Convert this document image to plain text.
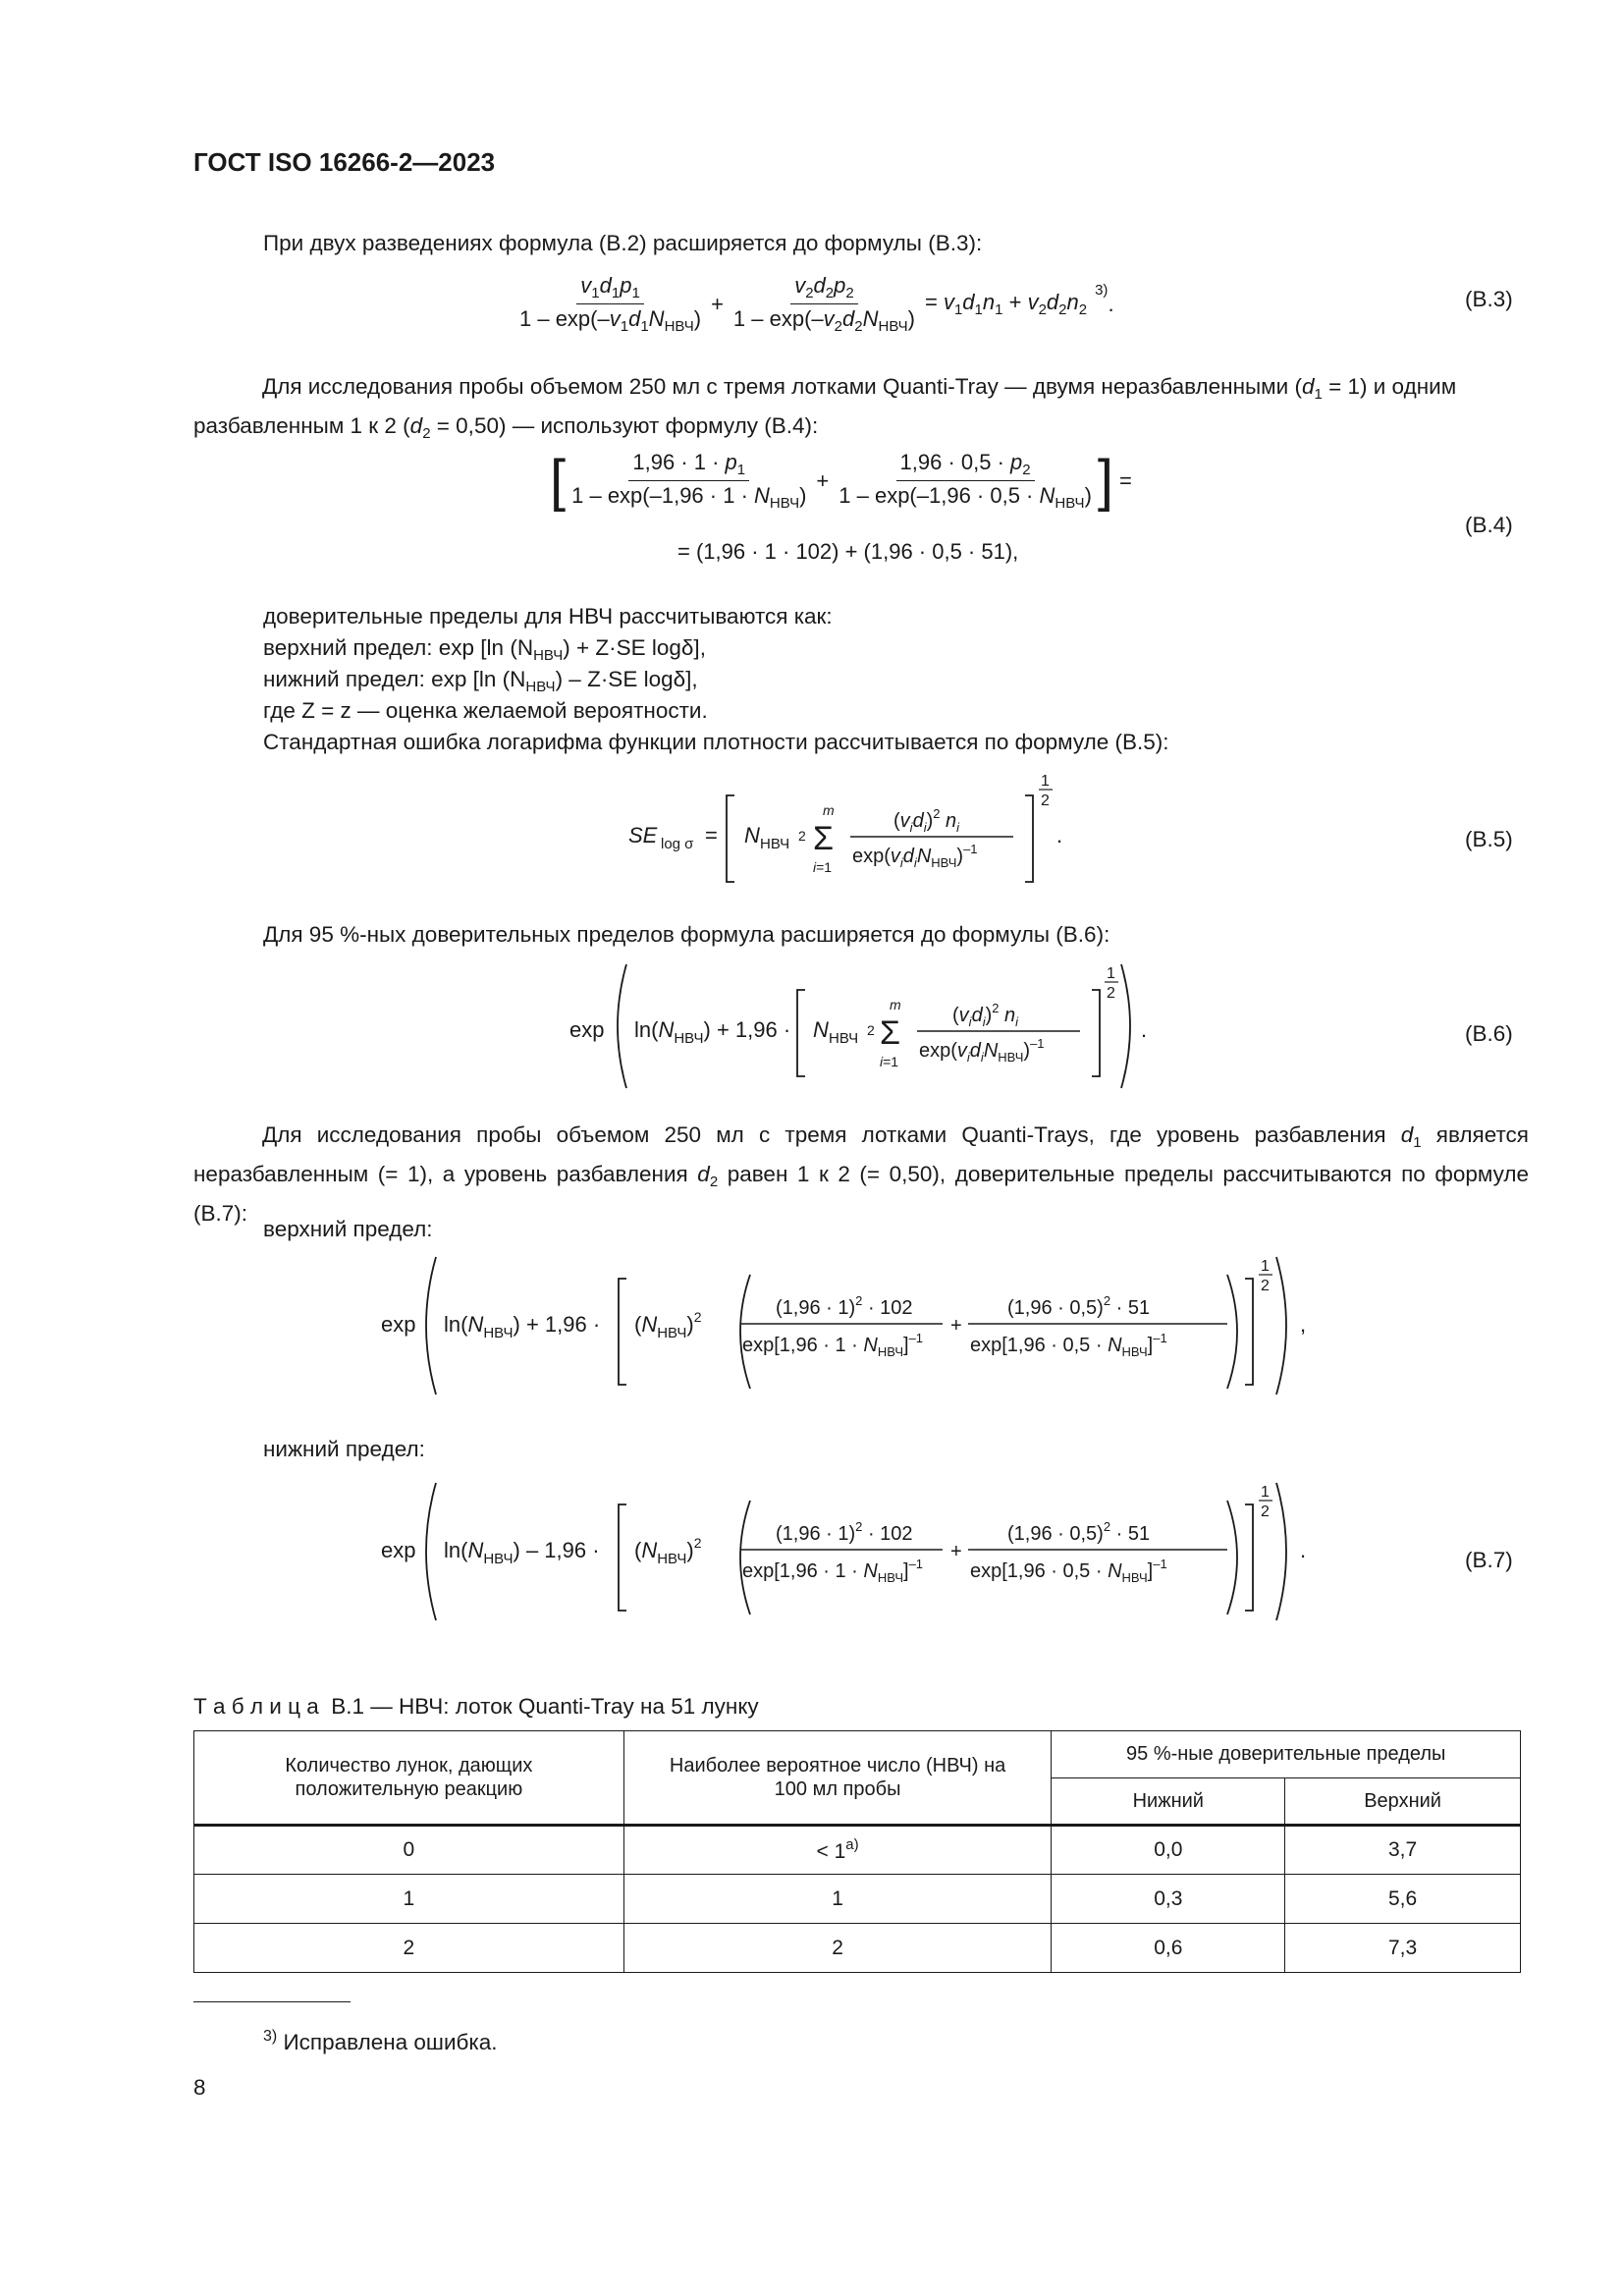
ГОСТ ISO 16266-2—2023
При двух разведениях формула (B.2) расширяется до формулы (B.3):
$\frac{v_1d_1p_1}{1 - \exp(-v_1d_1N_{НВЧ})} + \frac{v_2d_2p_2}{1 - \exp(-v_2d_2N_{НВЧ})} = v_1d_1n_1 + v_2d_2n_2$
3)
.	(B.3)
Для исследования пробы объемом 250 мл с тремя лотками Quanti-Tray — двумя неразбавленными $(d_1 = 1)$ и одним разбавленным 1 к 2 $(d_2 = 0,50)$ — используют формулу (B.4):
[ $\frac{1,96 \cdot 1 \cdot p_1}{1 - \exp(-1,96 \cdot 1 \cdot N_{НВЧ})} + \frac{1,96 \cdot 0,5 \cdot p_2}{1 - \exp(-1,96 \cdot 0,5 \cdot N_{НВЧ})}$ ] =
= (1,96 · 1 · 102) + (1,96 · 0,5 · 51),
(B.4)
доверительные пределы для НВЧ рассчитываются как:
верхний предел: exp [ln $(N_{НВЧ}) + Z\cdot SE$ logδ],
нижний предел: exp [ln $(N_{НВЧ}) - Z\cdot SE$ logδ],
где Z = z — оценка желаемой вероятности.
Стандартная ошибка логарифма функции плотности рассчитывается по формуле (B.5):
SE log σ = N НВЧ 2 Σ
m
i=1
$(v_id_i)^2$ $n_i$
$\exp(v_id_iN_{НВЧ})^{-1}$
1
2
.	(B.5)
Для 95 %-ных доверительных пределов формула расширяется до формулы (B.6):
$\exp \ln(N_{НВЧ}) + 1,96 \cdot N$ НВЧ 2 Σ
m
i=1
$(v_id_i)^2$ $n_i$
$\exp(v_id_iN_{НВЧ})^{-1}$
1
2
.	(B.6)
Для исследования пробы объемом 250 мл с тремя лотками Quanti-Trays, где уровень разбавления $d_1$ является неразбавленным (= 1), а уровень разбавления $d_2$ равен 1 к 2 (= 0,50), доверительные пределы рассчитываются по формуле (B.7):
верхний предел:
$\exp \ln(N_{НВЧ}) + 1,96 \cdot (N_{НВЧ})^2$	$(1,96 \cdot 1)^2 \cdot 102$
$\exp[1,96 \cdot 1 \cdot N_{НВЧ}]^{-1}$
+
$(1,96 \cdot 0,5)^2 \cdot 51$
$\exp[1,96 \cdot 0,5 \cdot N_{НВЧ}]^{-1}$
1
2
,
нижний предел:
$\exp \ln(N_{НВЧ}) - 1,96 \cdot (N_{НВЧ})^2$	$(1,96 \cdot 1)^2 \cdot 102$
$\exp[1,96 \cdot 1 \cdot N_{НВЧ}]^{-1}$
+
$(1,96 \cdot 0,5)^2 \cdot 51$
$\exp[1,96 \cdot 0,5 \cdot N_{НВЧ}]^{-1}$
1
2
.	(B.7)
Т а б л и ц а B.1 — НВЧ: лоток Quanti-Tray на 51 лунку
Количество лунок, дающих положительную реакцию	Наиболее вероятное число (НВЧ) на 100 мл пробы	95 %-ные доверительные пределы	
		Нижний	Верхний
0	< $1^{a)}$	0,0	3,7
1	1	0,3	5,6
2	2	0,6	7,3
$^{3)}$ Исправлена ошибка.
8
